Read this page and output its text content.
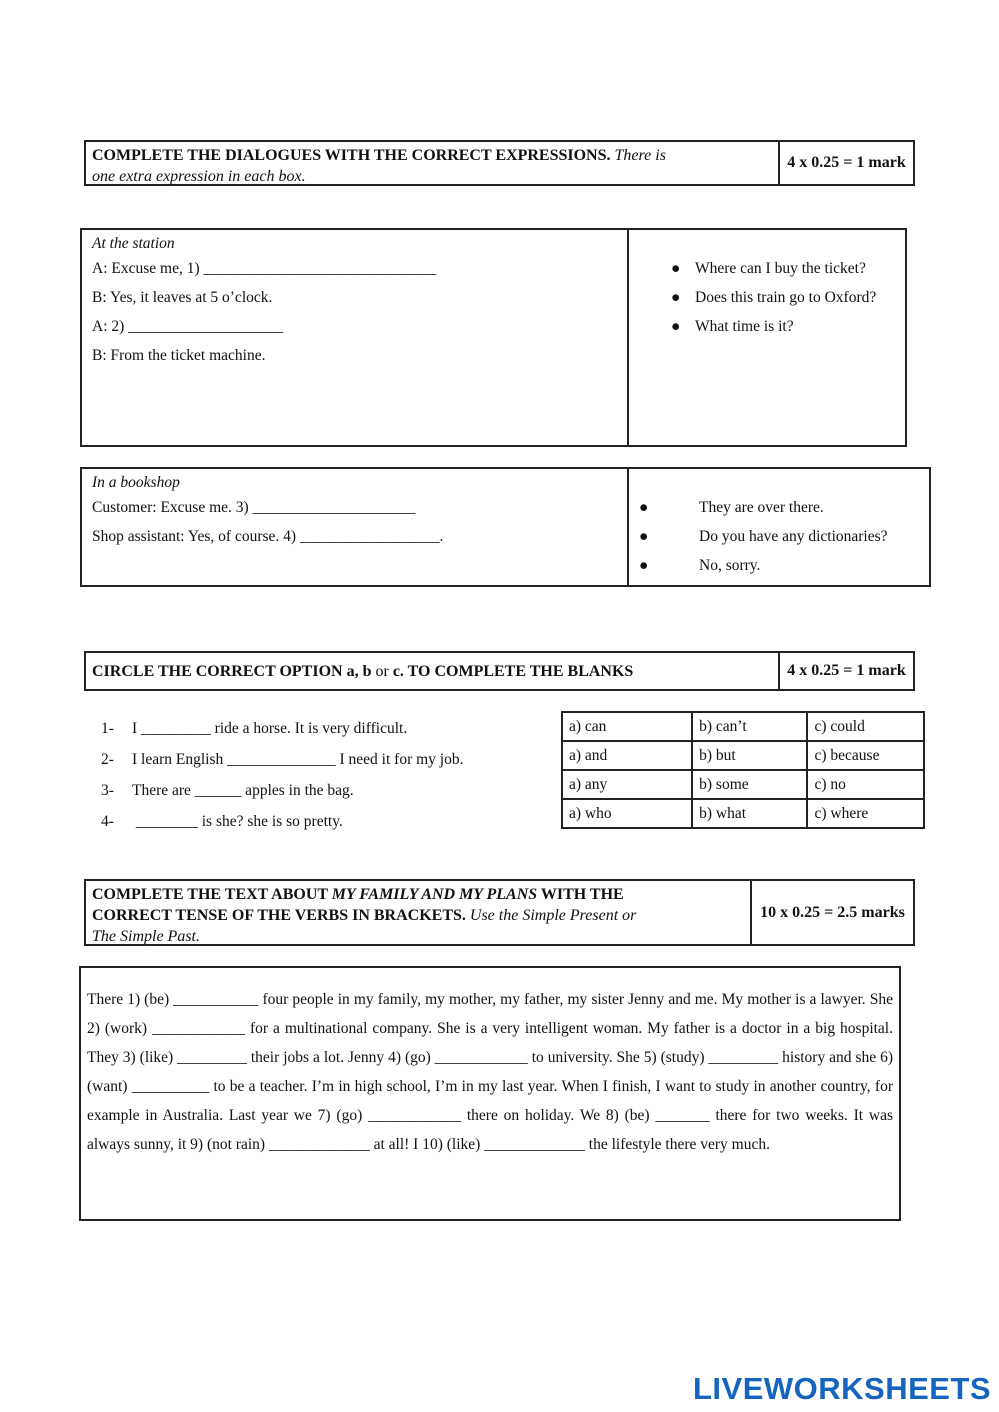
COMPLETE THE DIALOGUES WITH THE CORRECT EXPRESSIONS. There is
one extra expression in each box.
4 x 0.25 = 1 mark
At the station
A: Excuse me, 1) ______________________________
B: Yes, it leaves at 5 o’clock.
A: 2) ____________________
B: From the ticket machine.
● Where can I buy the ticket?
● Does this train go to Oxford?
● What time is it?
In a bookshop
Customer: Excuse me. 3) _____________________
Shop assistant: Yes, of course. 4) __________________.
●	They are over there.
●	Do you have any dictionaries?
●	No, sorry.
CIRCLE THE CORRECT OPTION a, b or c. TO COMPLETE THE BLANKS	4 x 0.25 = 1 mark
1- I _________ ride a horse. It is very difficult.
2- I learn English ______________ I need it for my job.
3- There are ______ apples in the bag.
4- ________ is she? she is so pretty.
a) can	b) can’t	c) could
a) and	b) but	c) because
a) any	b) some	c) no
a) who	b) what	c) where
COMPLETE THE TEXT ABOUT MY FAMILY AND MY PLANS WITH THE
CORRECT TENSE OF THE VERBS IN BRACKETS. Use the Simple Present or
The Simple Past.
10 x 0.25 = 2.5 marks
There 1) (be) ___________ four people in my family, my mother, my father, my sister Jenny and me. My mother is a lawyer. She 2) (work) ____________ for a multinational company. She is a very intelligent woman. My father is a doctor in a big hospital. They 3) (like) _________ their jobs a lot. Jenny 4) (go) ____________ to university. She 5) (study) _________ history and she 6) (want) __________ to be a teacher. I’m in high school, I’m in my last year. When I finish, I want to study in another country, for example in Australia. Last year we 7) (go) ____________ there on holiday. We 8) (be) _______ there for two weeks. It was always sunny, it 9) (not rain) _____________ at all! I 10) (like) _____________ the lifestyle there very much.
LIVEWORKSHEETS
